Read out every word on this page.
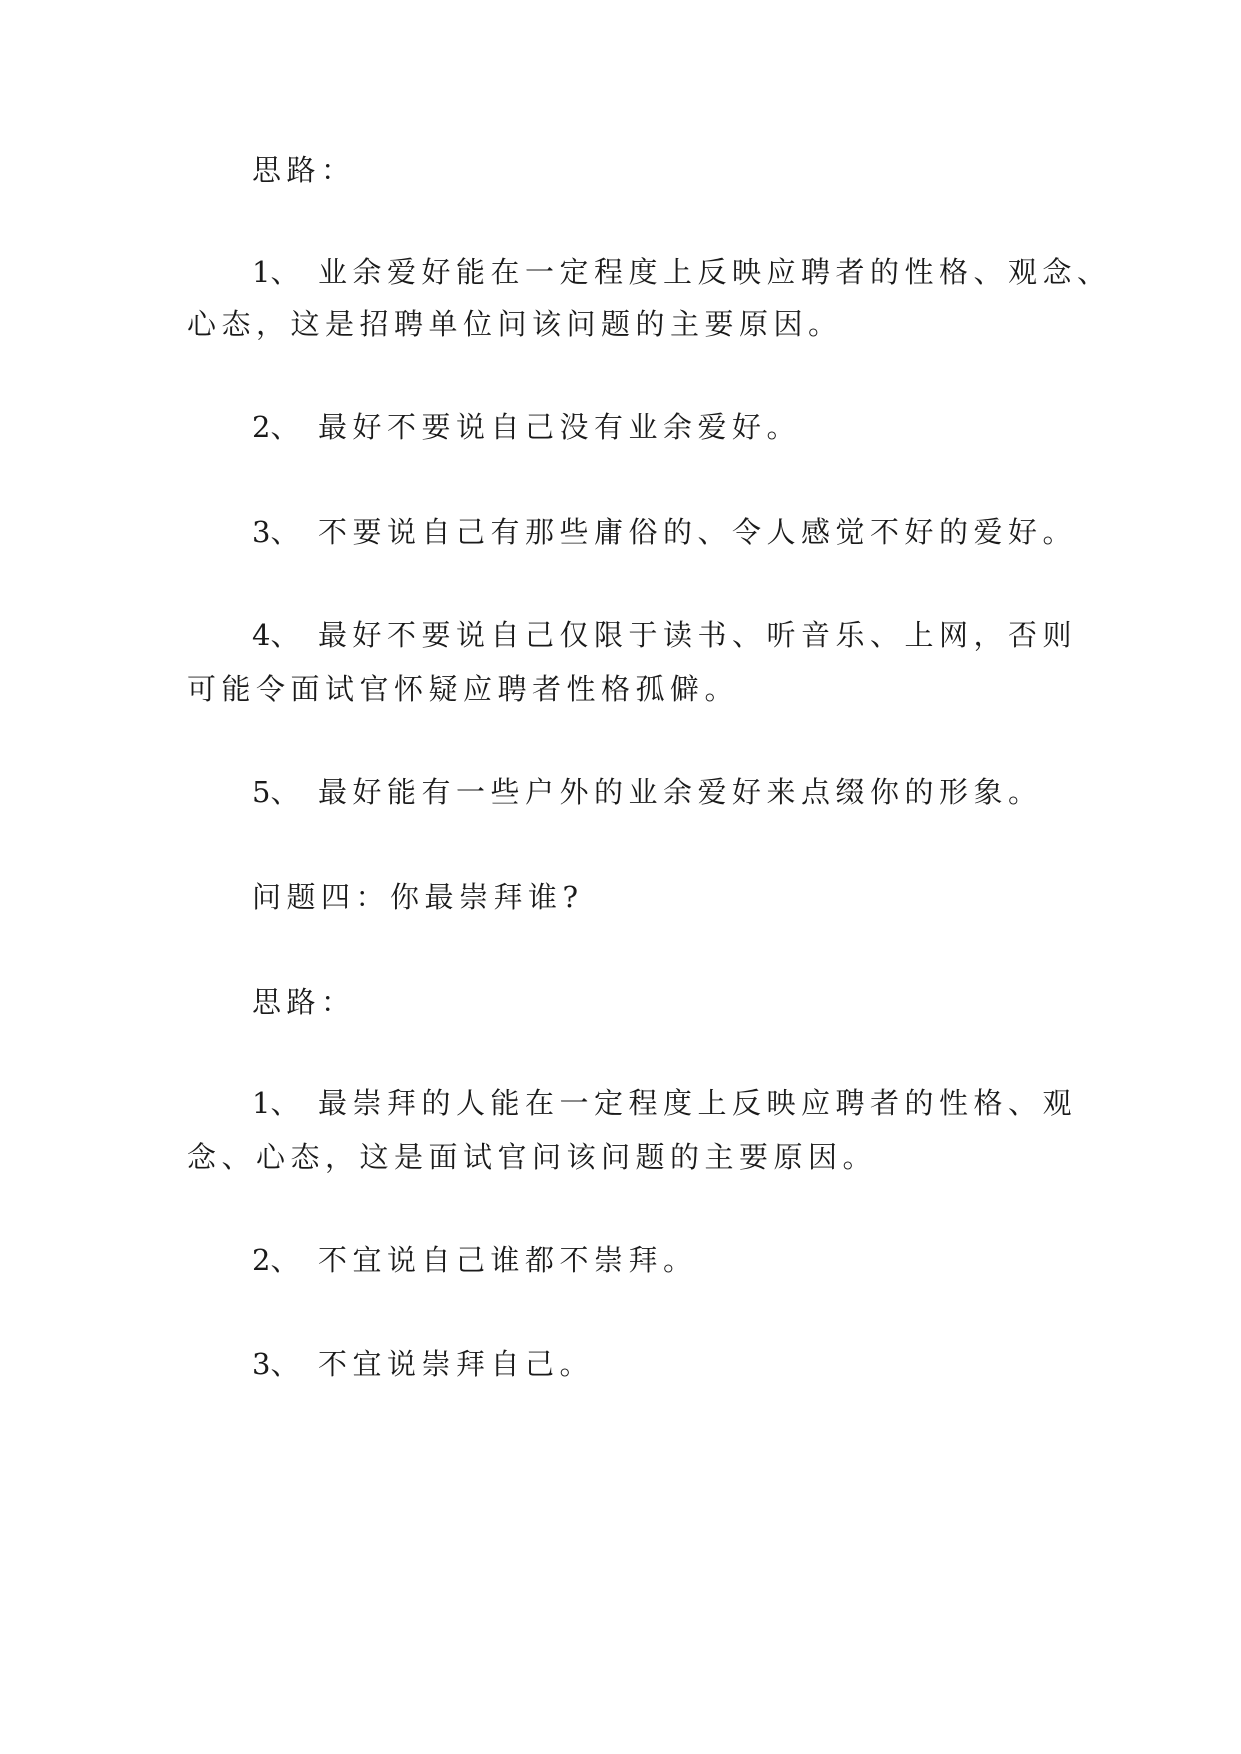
思路：
1、 业余爱好能在一定程度上反映应聘者的性格、观念、
心态，这是招聘单位问该问题的主要原因。
2、 最好不要说自己没有业余爱好。
3、 不要说自己有那些庸俗的、令人感觉不好的爱好。
4、 最好不要说自己仅限于读书、听音乐、上网，否则
可能令面试官怀疑应聘者性格孤僻。
5、 最好能有一些户外的业余爱好来点缀你的形象。
问题四：你最崇拜谁?
思路：
1、 最崇拜的人能在一定程度上反映应聘者的性格、观
念、心态，这是面试官问该问题的主要原因。
2、 不宜说自己谁都不崇拜。
3、 不宜说崇拜自己。
